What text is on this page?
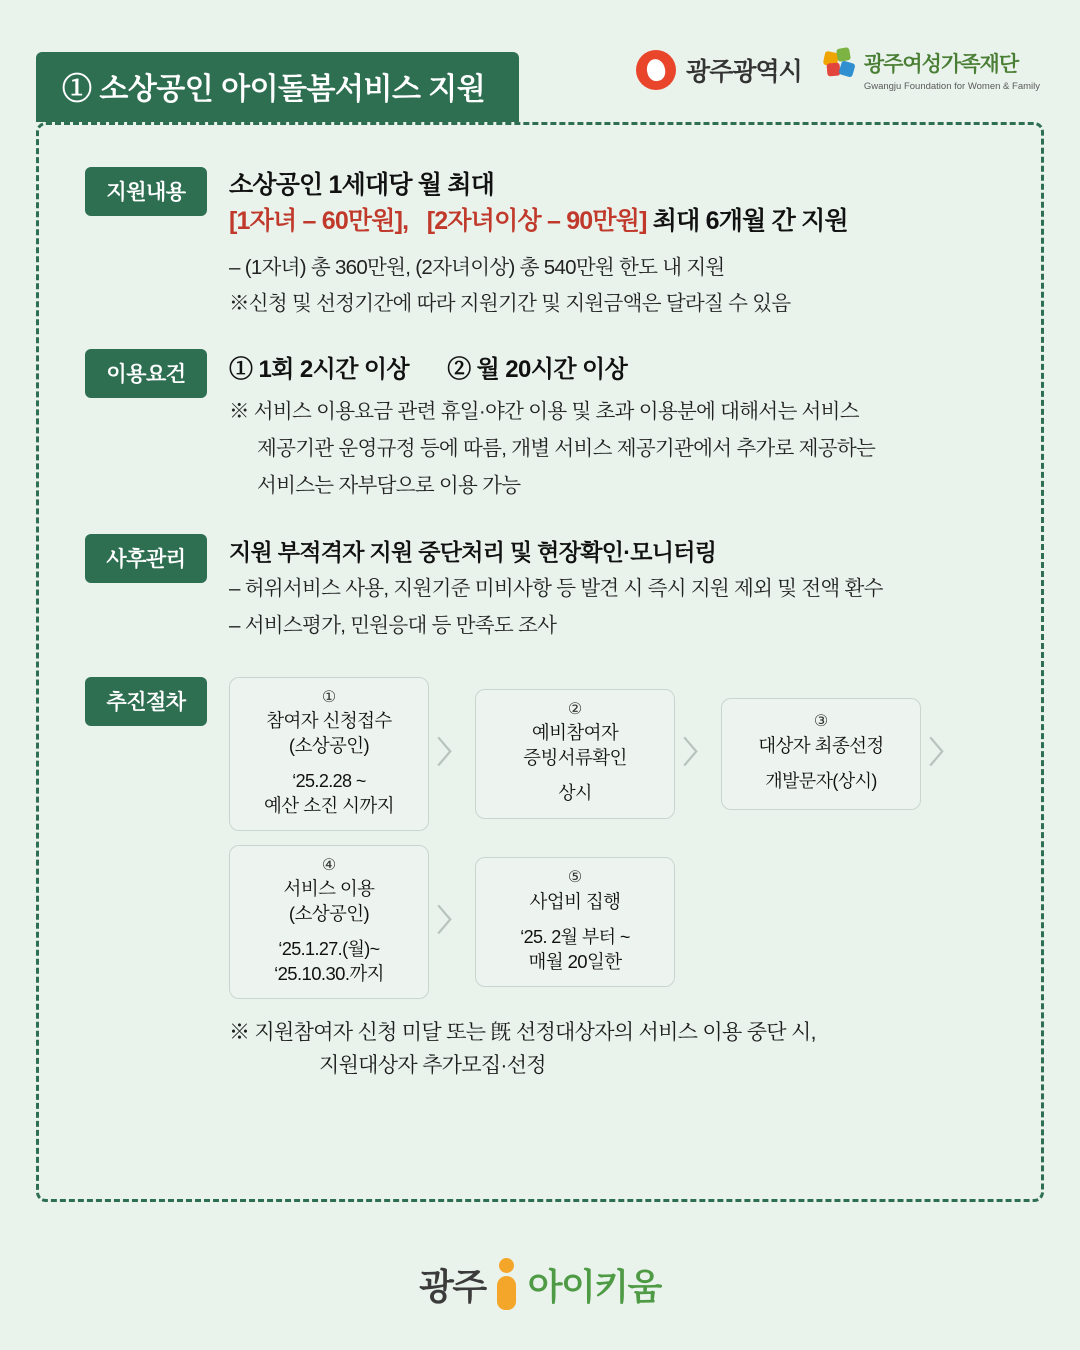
① 소상공인 아이돌봄서비스 지원
광주광역시	광주여성가족재단
Gwangju Foundation for Women & Family
지원내용	소상공인 1세대당 월 최대
[1자녀 – 60만원], [2자녀이상 – 90만원] 최대 6개월 간 지원
– (1자녀) 총 360만원, (2자녀이상) 총 540만원 한도 내 지원
※신청 및 선정기간에 따라 지원기간 및 지원금액은 달라질 수 있음
이용요건	① 1회 2시간 이상 ② 월 20시간 이상
※ 서비스 이용요금 관련 휴일·야간 이용 및 초과 이용분에 대해서는 서비스
제공기관 운영규정 등에 따름, 개별 서비스 제공기관에서 추가로 제공하는
서비스는 자부담으로 이용 가능
사후관리	지원 부적격자 지원 중단처리 및 현장확인·모니터링
– 허위서비스 사용, 지원기준 미비사항 등 발견 시 즉시 지원 제외 및 전액 환수
– 서비스평가, 민원응대 등 만족도 조사
추진절차	①
참여자 신청접수
(소상공인)
‘25.2.28 ~
예산 소진 시까지
〉
②
예비참여자
증빙서류확인
상시
〉
③
대상자 최종선정
개발문자(상시)
〉
④
서비스 이용
(소상공인)
‘25.1.27.(월)~
‘25.10.30.까지
〉
⑤
사업비 집행
‘25. 2월 부터 ~
매월 20일한
※ 지원참여자 신청 미달 또는 旣 선정대상자의 서비스 이용 중단 시,
지원대상자 추가모집·선정
광주 아이키움
